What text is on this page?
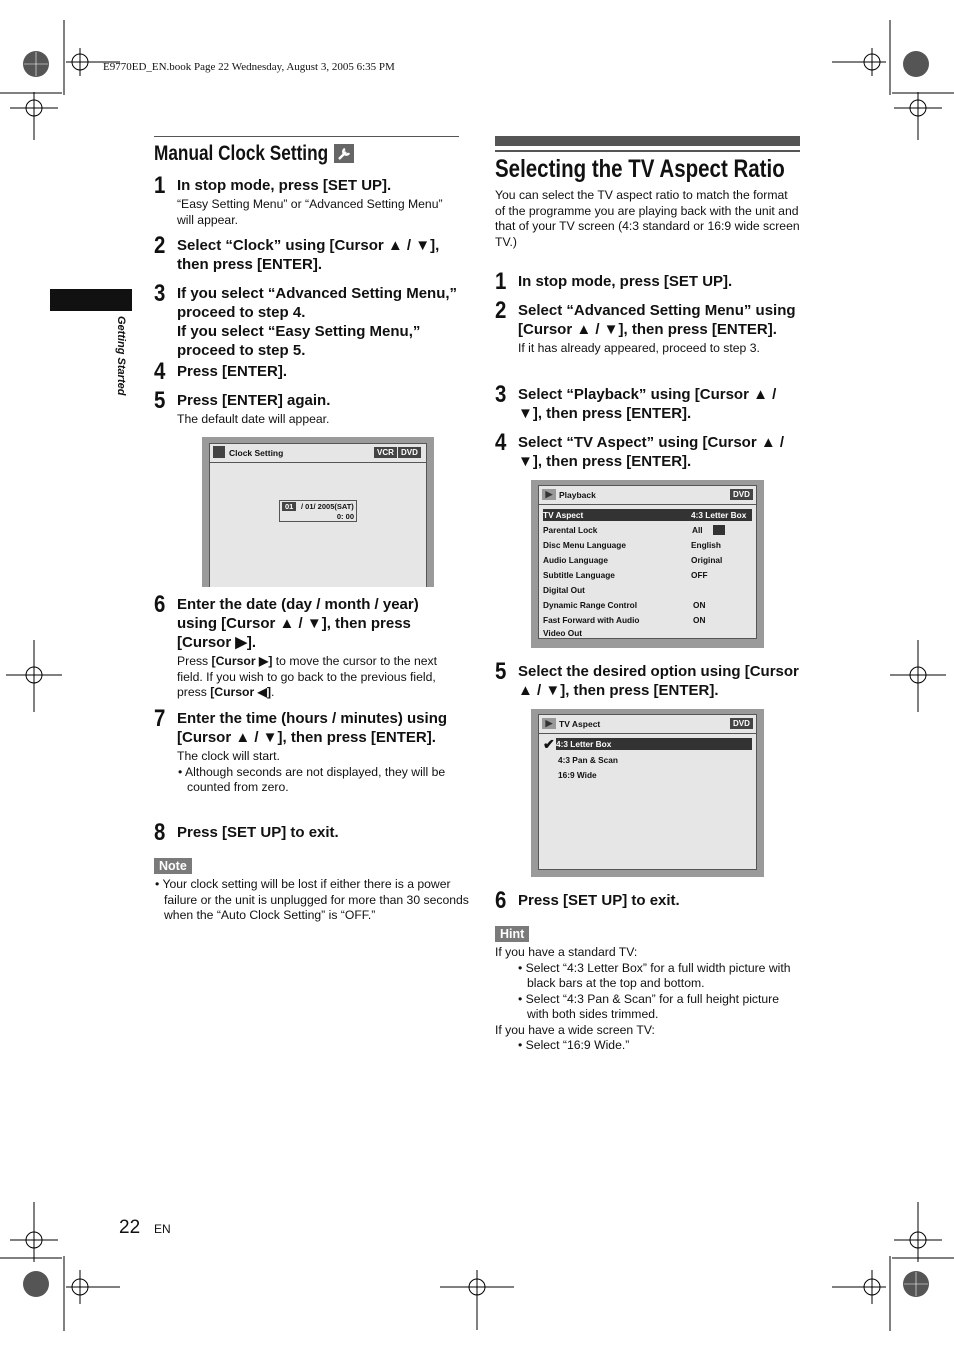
E9770ED_EN.book Page 22 Wednesday, August 3, 2005 6:35 PM
Getting Started
Manual Clock Setting
1 In stop mode, press [SET UP].
“Easy Setting Menu” or “Advanced Setting Menu” will appear.
2 Select “Clock” using [Cursor ▲ / ▼], then press [ENTER].
3 If you select “Advanced Setting Menu,” proceed to step 4.
If you select “Easy Setting Menu,” proceed to step 5.
4 Press [ENTER].
5 Press [ENTER] again.
The default date will appear.
Clock Setting	VCR DVD
01	/ 01/ 2005(SAT)
0: 00
6 Enter the date (day / month / year) using [Cursor ▲ / ▼], then press [Cursor ▶].
Press [Cursor ▶] to move the cursor to the next field. If you wish to go back to the previous field, press [Cursor ◀].
7 Enter the time (hours / minutes) using [Cursor ▲ / ▼], then press [ENTER].
The clock will start.
• Although seconds are not displayed, they will be counted from zero.
8 Press [SET UP] to exit.
Note
• Your clock setting will be lost if either there is a power failure or the unit is unplugged for more than 30 seconds when the “Auto Clock Setting” is “OFF.”
Selecting the TV Aspect Ratio
You can select the TV aspect ratio to match the format of the programme you are playing back with the unit and that of your TV screen (4:3 standard or 16:9 wide screen TV.)
1 In stop mode, press [SET UP].
2 Select “Advanced Setting Menu” using [Cursor ▲ / ▼], then press [ENTER].
If it has already appeared, proceed to step 3.
3 Select “Playback” using [Cursor ▲ / ▼], then press [ENTER].
4 Select “TV Aspect” using [Cursor ▲ / ▼], then press [ENTER].
▶ Playback	DVD
TV Aspect	4:3 Letter Box
Parental Lock	All
Disc Menu Language	English
Audio Language	Original
Subtitle Language	OFF
Digital Out
Dynamic Range Control	ON
Fast Forward with Audio	ON
Video Out
5 Select the desired option using [Cursor ▲ / ▼], then press [ENTER].
▶ TV Aspect	DVD
✔ 4:3 Letter Box
4:3 Pan & Scan
16:9 Wide
6 Press [SET UP] to exit.
Hint
If you have a standard TV:
• Select “4:3 Letter Box” for a full width picture with black bars at the top and bottom.
• Select “4:3 Pan & Scan” for a full height picture with both sides trimmed.
If you have a wide screen TV:
• Select “16:9 Wide.”
22 EN
